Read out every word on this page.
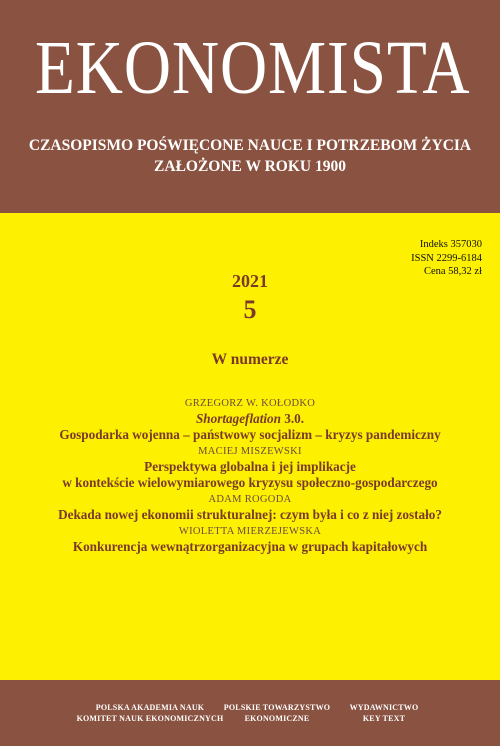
EKONOMISTA
CZASOPISMO POŚWIĘCONE NAUCE I POTRZEBOM ŻYCIA
ZAŁOŻONE W ROKU 1900
Indeks 357030
ISSN 2299-6184
Cena 58,32 zł
2021
5
W numerze
GRZEGORZ W. KOŁODKO
Shortageflation 3.0.
Gospodarka wojenna – państwowy socjalizm – kryzys pandemiczny
MACIEJ MISZEWSKI
Perspektywa globalna i jej implikacje
w kontekście wielowymiarowego kryzysu społeczno-gospodarczego
ADAM ROGODA
Dekada nowej ekonomii strukturalnej: czym była i co z niej zostało?
WIOLETTA MIERZEJEWSKA
Konkurencja wewnątrzorganizacyjna w grupach kapitałowych
POLSKA AKADEMIA NAUK
KOMITET NAUK EKONOMICZNYCH
POLSKIE TOWARZYSTWO
EKONOMICZNE
WYDAWNICTWO
KEY TEXT
